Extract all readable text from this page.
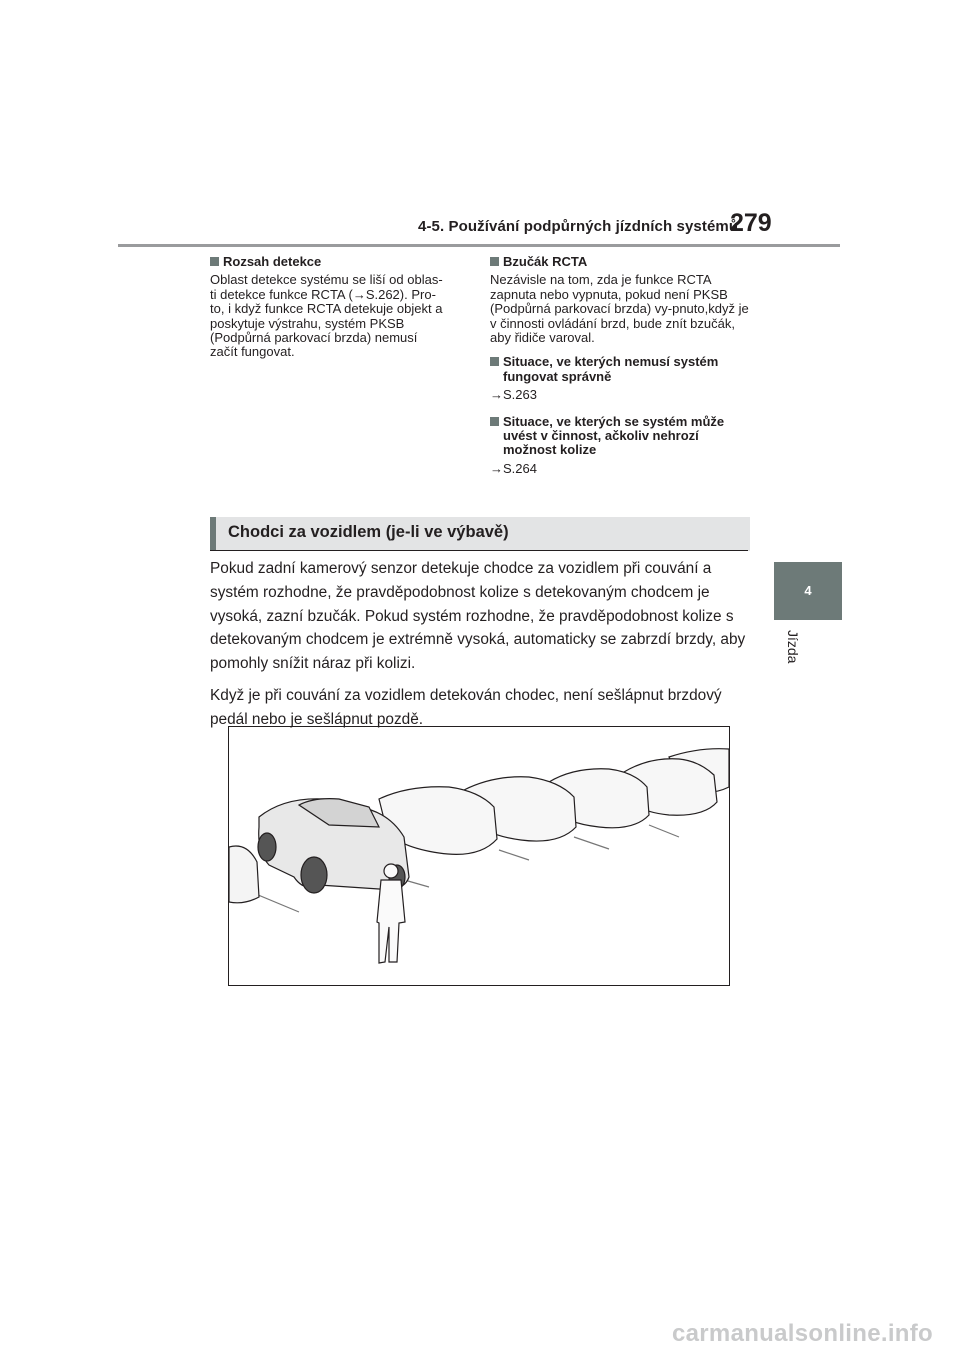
4-5. Používání podpůrných jízdních systémů
279
4
Jízda
Rozsah detekce
Oblast detekce systému se liší od oblas-ti detekce funkce RCTA (→S.262). Pro-to, i když funkce RCTA detekuje objekt a poskytuje výstrahu, systém PKSB (Podpůrná parkovací brzda) nemusí začít fungovat.
Bzučák RCTA
Nezávisle na tom, zda je funkce RCTA zapnuta nebo vypnuta, pokud není PKSB (Podpůrná parkovací brzda) vy-pnuto,když je v činnosti ovládání brzd, bude znít bzučák, aby řidiče varoval.
Situace, ve kterých nemusí systém fungovat správně
→S.263
Situace, ve kterých se systém může uvést v činnost, ačkoliv nehrozí možnost kolize
→S.264
Chodci za vozidlem (je-li ve výbavě)

Pokud zadní kamerový senzor detekuje chodce za vozidlem při couvání a systém rozhodne, že pravděpodobnost kolize s detekovaným chodcem je vysoká, zazní bzučák. Pokud systém rozhodne, že pravděpodobnost kolize s detekovaným chodcem je extrémně vysoká, automaticky se zabrzdí brzdy, aby pomohly snížit náraz při kolizi.

Když je při couvání za vozidlem detekován chodec, není sešlápnut brzdový pedál nebo je sešlápnut pozdě.

carmanualsonline.info
